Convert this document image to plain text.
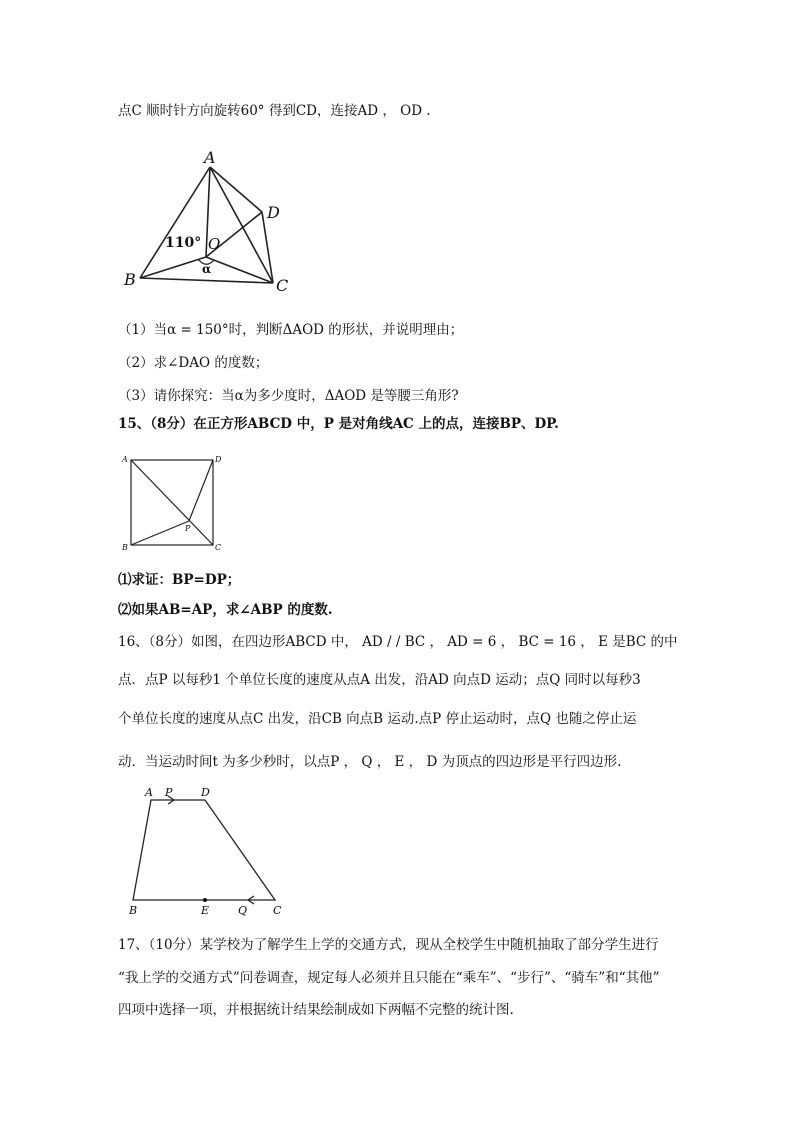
点C 顺时针方向旋转60° 得到CD，连接AD ， OD .
A
B	C
D
O
110°
α
（1）当α = 150°时，判断ΔAOD 的形状，并说明理由；
（2）求∠DAO 的度数；
（3）请你探究：当α为多少度时，ΔAOD 是等腰三角形?
15、（8分）在正方形ABCD 中，P 是对角线AC 上的点，连接BP、DP.
A
B	C
D
P
⑴求证：BP=DP；
⑵如果AB=AP，求∠ABP 的度数.
16、（8分）如图，在四边形ABCD 中， AD / / BC ， AD = 6 ， BC = 16 ， E 是BC 的中
点．点P 以每秒1 个单位长度的速度从点A 出发，沿AD 向点D 运动；点Q 同时以每秒3
个单位长度的速度从点C 出发，沿CB 向点B 运动.点P 停止运动时，点Q 也随之停止运
动．当运动时间t 为多少秒时，以点P ， Q ， E ， D 为顶点的四边形是平行四边形.
A P	D
B	E	Q C
17、（10分）某学校为了解学生上学的交通方式，现从全校学生中随机抽取了部分学生进行
“我上学的交通方式”问卷调查，规定每人必须并且只能在“乘车”、“步行”、“骑车”和“其他”
四项中选择一项，并根据统计结果绘制成如下两幅不完整的统计图.
